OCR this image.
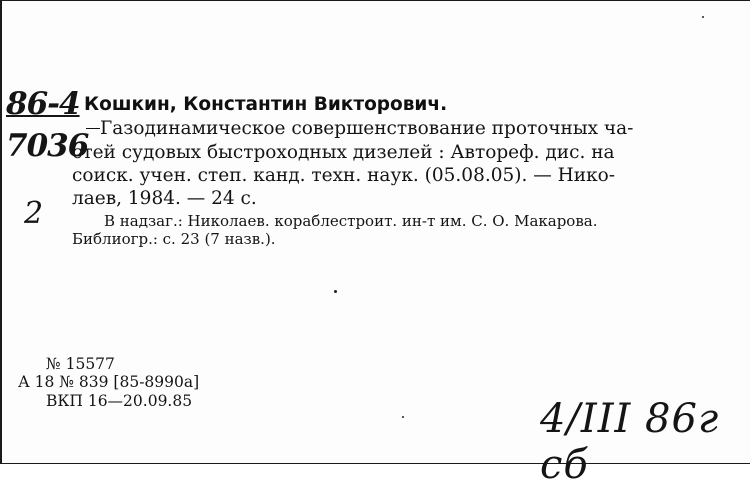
86-4
7036
2
Кошкин, Константин Викторович.
Газодинамическое совершенствование проточных ча-
стей судовых быстроходных дизелей : Автореф. дис. на
соиск. учен. степ. канд. техн. наук. (05.08.05). — Нико-
лаев, 1984. — 24 с.
В надзаг.: Николаев. кораблестроит. ин-т им. С. О. Макарова.
Библиогр.: с. 23 (7 назв.).
№ 15577
А 18 № 839 [85-8990а]
ВКП 16—20.09.85	4/III 86г сб
